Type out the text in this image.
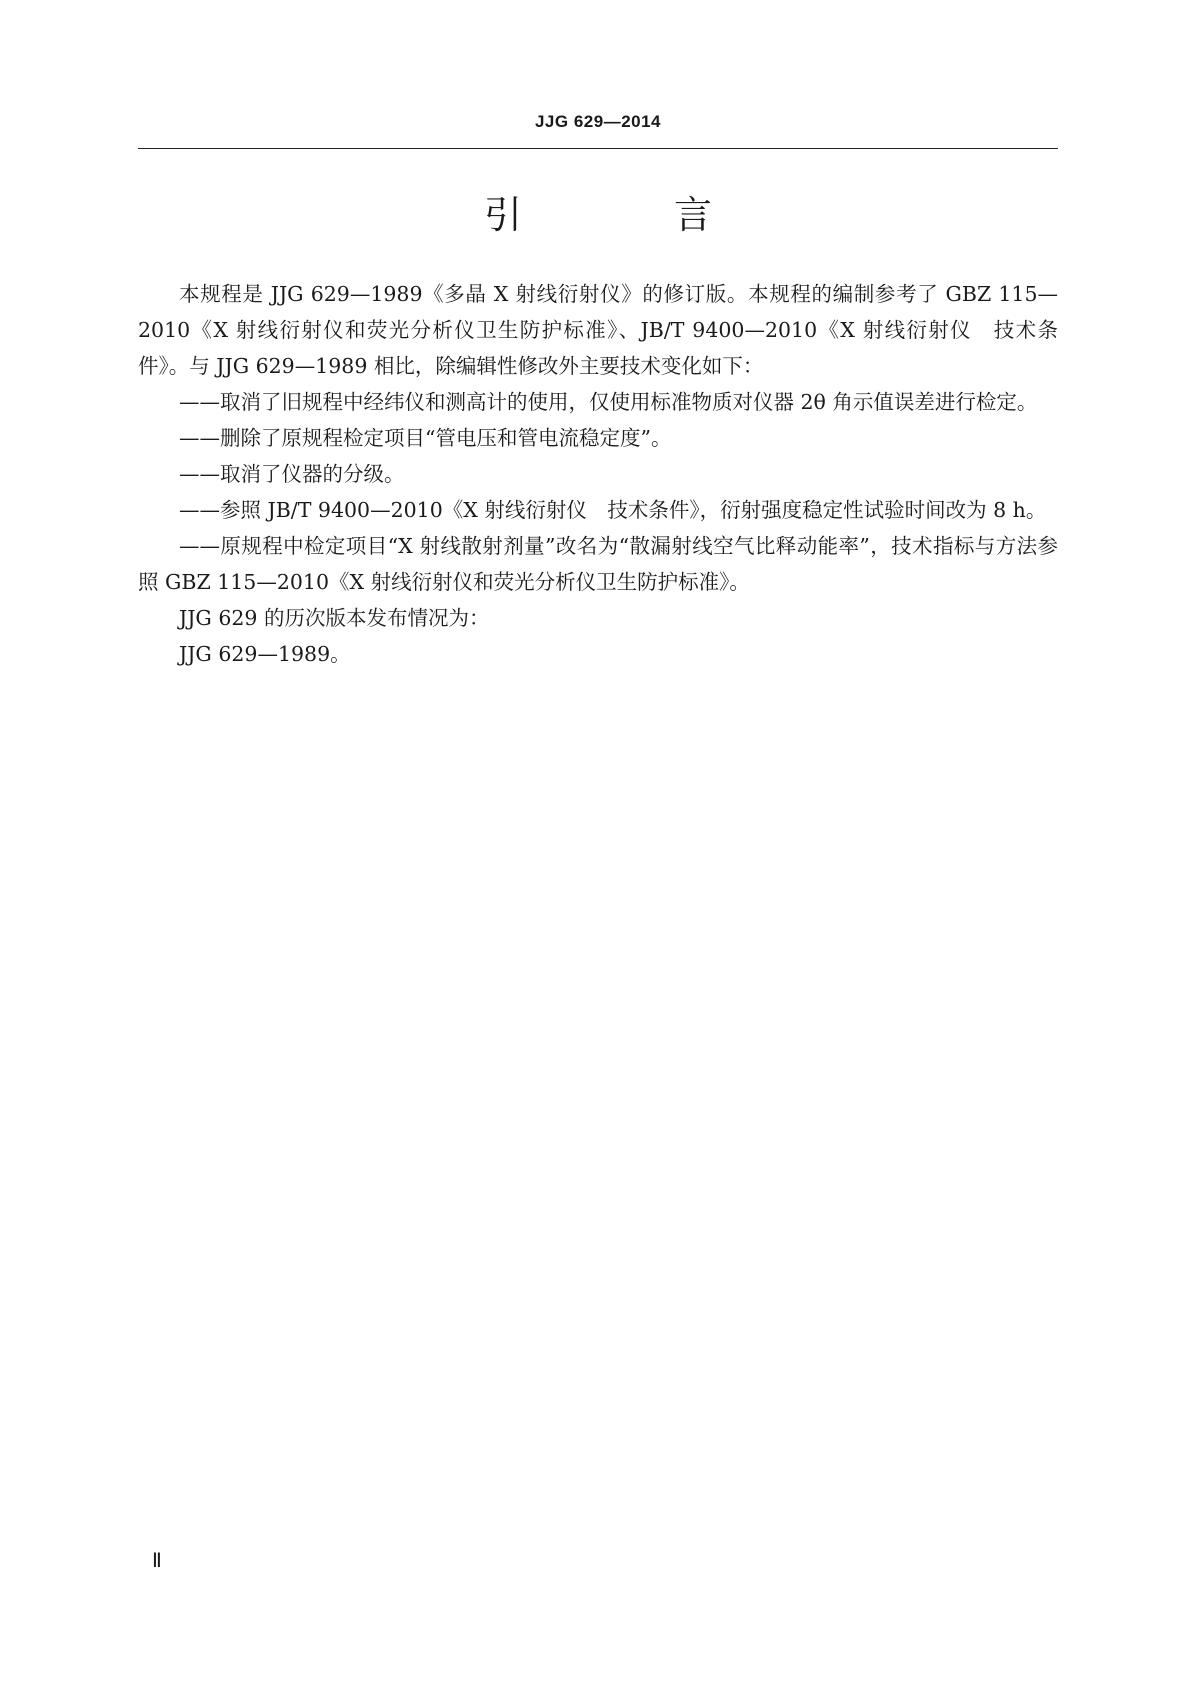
JJG 629—2014
引 言

本规程是 JJG 629—1989《多晶 X 射线衍射仪》的修订版。本规程的编制参考了 GBZ 115—2010《X 射线衍射仪和荧光分析仪卫生防护标准》、JB/T 9400—2010《X 射线衍射仪　技术条件》。与 JJG 629—1989 相比，除编辑性修改外主要技术变化如下：

——取消了旧规程中经纬仪和测高计的使用，仅使用标准物质对仪器 2θ 角示值误差进行检定。

——删除了原规程检定项目“管电压和管电流稳定度”。

——取消了仪器的分级。

——参照 JB/T 9400—2010《X 射线衍射仪　技术条件》，衍射强度稳定性试验时间改为 8 h。

——原规程中检定项目“X 射线散射剂量”改名为“散漏射线空气比释动能率”，技术指标与方法参照 GBZ 115—2010《X 射线衍射仪和荧光分析仪卫生防护标准》。

JJG 629 的历次版本发布情况为：

JJG 629—1989。

Ⅱ
